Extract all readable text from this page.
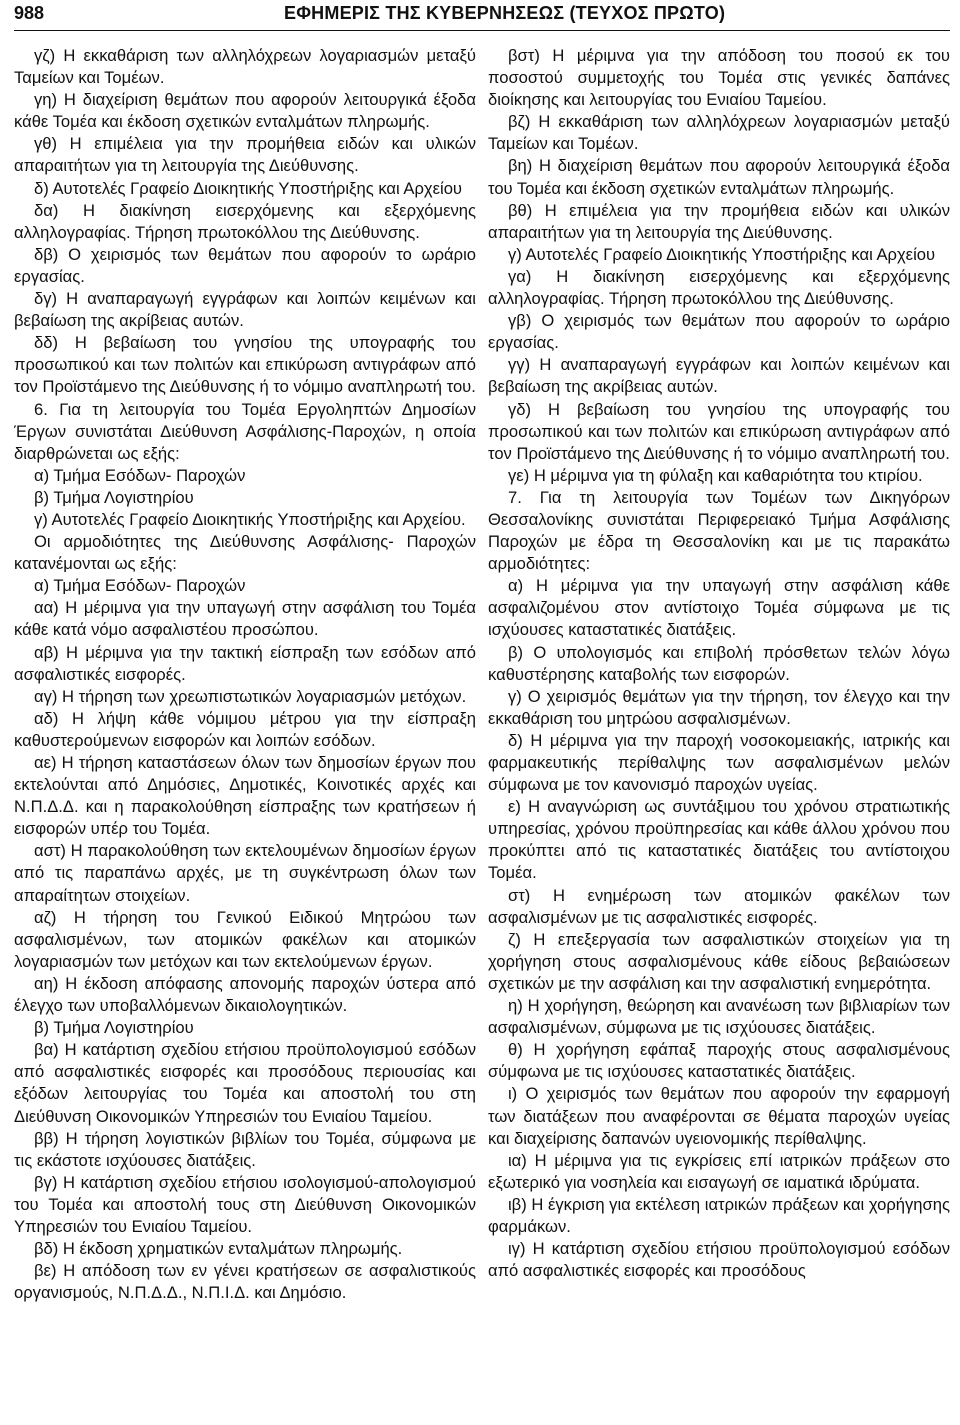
988	ΕΦΗΜΕΡΙΣ ΤΗΣ ΚΥΒΕΡΝΗΣΕΩΣ (ΤΕΥΧΟΣ ΠΡΩΤΟ)

γζ) Η εκκαθάριση των αλληλόχρεων λογαριασμών μεταξύ Ταμείων και Τομέων.

γη) Η διαχείριση θεμάτων που αφορούν λειτουργικά έξοδα κάθε Τομέα και έκδοση σχετικών ενταλμάτων πληρωμής.

γθ) Η επιμέλεια για την προμήθεια ειδών και υλικών απαραιτήτων για τη λειτουργία της Διεύθυνσης.

δ) Αυτοτελές Γραφείο Διοικητικής Υποστήριξης και Αρχείου

δα) Η διακίνηση εισερχόμενης και εξερχόμενης αλληλογραφίας. Τήρηση πρωτοκόλλου της Διεύθυνσης.

δβ) Ο χειρισμός των θεμάτων που αφορούν το ωράριο εργασίας.

δγ) Η αναπαραγωγή εγγράφων και λοιπών κειμένων και βεβαίωση της ακρίβειας αυτών.

δδ) Η βεβαίωση του γνησίου της υπογραφής του προσωπικού και των πολιτών και επικύρωση αντιγράφων από τον Προϊστάμενο της Διεύθυνσης ή το νόμιμο αναπληρωτή του.

6. Για τη λειτουργία του Τομέα Εργοληπτών Δημοσίων Έργων συνιστάται Διεύθυνση Ασφάλισης-Παροχών, η οποία διαρθρώνεται ως εξής:

α) Τμήμα Εσόδων- Παροχών

β) Τμήμα Λογιστηρίου

γ) Αυτοτελές Γραφείο Διοικητικής Υποστήριξης και Αρχείου.

Οι αρμοδιότητες της Διεύθυνσης Ασφάλισης- Παροχών κατανέμονται ως εξής:

α) Τμήμα Εσόδων- Παροχών

αα) Η μέριμνα για την υπαγωγή στην ασφάλιση του Τομέα κάθε κατά νόμο ασφαλιστέου προσώπου.

αβ) Η μέριμνα για την τακτική είσπραξη των εσόδων από ασφαλιστικές εισφορές.

αγ) Η τήρηση των χρεωπιστωτικών λογαριασμών μετόχων.

αδ) Η λήψη κάθε νόμιμου μέτρου για την είσπραξη καθυστερούμενων εισφορών και λοιπών εσόδων.

αε) Η τήρηση καταστάσεων όλων των δημοσίων έργων που εκτελούνται από Δημόσιες, Δημοτικές, Κοινοτικές αρχές και Ν.Π.Δ.Δ. και η παρακολούθηση είσπραξης των κρατήσεων ή εισφορών υπέρ του Τομέα.

αστ) Η παρακολούθηση των εκτελουμένων δημοσίων έργων από τις παραπάνω αρχές, με τη συγκέντρωση όλων των απαραίτητων στοιχείων.

αζ) Η τήρηση του Γενικού Ειδικού Μητρώου των ασφαλισμένων, των ατομικών φακέλων και ατομικών λογαριασμών των μετόχων και των εκτελούμενων έργων.

αη) Η έκδοση απόφασης απονομής παροχών ύστερα από έλεγχο των υποβαλλόμενων δικαιολογητικών.

β) Τμήμα Λογιστηρίου

βα) Η κατάρτιση σχεδίου ετήσιου προϋπολογισμού εσόδων από ασφαλιστικές εισφορές και προσόδους περιουσίας και εξόδων λειτουργίας του Τομέα και αποστολή του στη Διεύθυνση Οικονομικών Υπηρεσιών του Ενιαίου Ταμείου.

ββ) Η τήρηση λογιστικών βιβλίων του Τομέα, σύμφωνα με τις εκάστοτε ισχύουσες διατάξεις.

βγ) Η κατάρτιση σχεδίου ετήσιου ισολογισμού-απολογισμού του Τομέα και αποστολή τους στη Διεύθυνση Οικονομικών Υπηρεσιών του Ενιαίου Ταμείου.

βδ) Η έκδοση χρηματικών ενταλμάτων πληρωμής.

βε) Η απόδοση των εν γένει κρατήσεων σε ασφαλιστικούς οργανισμούς, Ν.Π.Δ.Δ., Ν.Π.Ι.Δ. και Δημόσιο.

βστ) Η μέριμνα για την απόδοση του ποσού εκ του ποσοστού συμμετοχής του Τομέα στις γενικές δαπάνες διοίκησης και λειτουργίας του Ενιαίου Ταμείου.

βζ) Η εκκαθάριση των αλληλόχρεων λογαριασμών μεταξύ Ταμείων και Τομέων.

βη) Η διαχείριση θεμάτων που αφορούν λειτουργικά έξοδα του Τομέα και έκδοση σχετικών ενταλμάτων πληρωμής.

βθ) Η επιμέλεια για την προμήθεια ειδών και υλικών απαραιτήτων για τη λειτουργία της Διεύθυνσης.

γ) Αυτοτελές Γραφείο Διοικητικής Υποστήριξης και Αρχείου

γα) Η διακίνηση εισερχόμενης και εξερχόμενης αλληλογραφίας. Τήρηση πρωτοκόλλου της Διεύθυνσης.

γβ) Ο χειρισμός των θεμάτων που αφορούν το ωράριο εργασίας.

γγ) Η αναπαραγωγή εγγράφων και λοιπών κειμένων και βεβαίωση της ακρίβειας αυτών.

γδ) Η βεβαίωση του γνησίου της υπογραφής του προσωπικού και των πολιτών και επικύρωση αντιγράφων από τον Προϊστάμενο της Διεύθυνσης ή το νόμιμο αναπληρωτή του.

γε) Η μέριμνα για τη φύλαξη και καθαριότητα του κτιρίου.

7. Για τη λειτουργία των Τομέων των Δικηγόρων Θεσσαλονίκης συνιστάται Περιφερειακό Τμήμα Ασφάλισης Παροχών με έδρα τη Θεσσαλονίκη και με τις παρακάτω αρμοδιότητες:

α) Η μέριμνα για την υπαγωγή στην ασφάλιση κάθε ασφαλιζομένου στον αντίστοιχο Τομέα σύμφωνα με τις ισχύουσες καταστατικές διατάξεις.

β) Ο υπολογισμός και επιβολή πρόσθετων τελών λόγω καθυστέρησης καταβολής των εισφορών.

γ) Ο χειρισμός θεμάτων για την τήρηση, τον έλεγχο και την εκκαθάριση του μητρώου ασφαλισμένων.

δ) Η μέριμνα για την παροχή νοσοκομειακής, ιατρικής και φαρμακευτικής περίθαλψης των ασφαλισμένων μελών σύμφωνα με τον κανονισμό παροχών υγείας.

ε) Η αναγνώριση ως συντάξιμου του χρόνου στρατιωτικής υπηρεσίας, χρόνου προϋπηρεσίας και κάθε άλλου χρόνου που προκύπτει από τις καταστατικές διατάξεις του αντίστοιχου Τομέα.

στ) Η ενημέρωση των ατομικών φακέλων των ασφαλισμένων με τις ασφαλιστικές εισφορές.

ζ) Η επεξεργασία των ασφαλιστικών στοιχείων για τη χορήγηση στους ασφαλισμένους κάθε είδους βεβαιώσεων σχετικών με την ασφάλιση και την ασφαλιστική ενημερότητα.

η) Η χορήγηση, θεώρηση και ανανέωση των βιβλιαρίων των ασφαλισμένων, σύμφωνα με τις ισχύουσες διατάξεις.

θ) Η χορήγηση εφάπαξ παροχής στους ασφαλισμένους σύμφωνα με τις ισχύουσες καταστατικές διατάξεις.

ι) Ο χειρισμός των θεμάτων που αφορούν την εφαρμογή των διατάξεων που αναφέρονται σε θέματα παροχών υγείας και διαχείρισης δαπανών υγειονομικής περίθαλψης.

ια) Η μέριμνα για τις εγκρίσεις επί ιατρικών πράξεων στο εξωτερικό για νοσηλεία και εισαγωγή σε ιαματικά ιδρύματα.

ιβ) Η έγκριση για εκτέλεση ιατρικών πράξεων και χορήγησης φαρμάκων.

ιγ) Η κατάρτιση σχεδίου ετήσιου προϋπολογισμού εσόδων από ασφαλιστικές εισφορές και προσόδους
